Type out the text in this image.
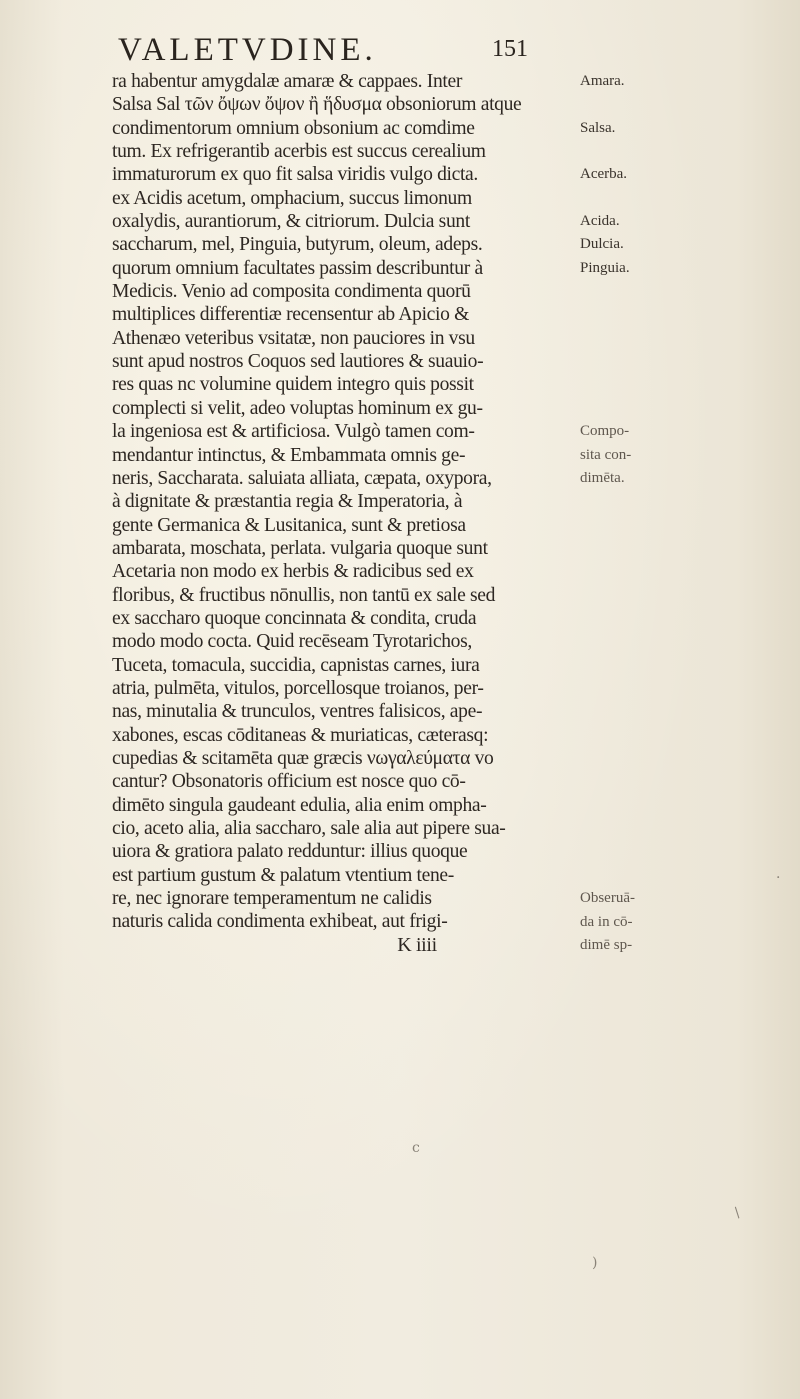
VALETVDINE.	151
ra habentur amygdalæ amaræ & cappaes. Inter
Salsa Sal τῶν ὄψων ὄψον ἢ ἥδυσμα obsoniorum atque
condimentorum omnium obsonium ac comdime
tum. Ex refrigerantib acerbis est succus cerealium
immaturorum ex quo fit salsa viridis vulgo dicta.
ex Acidis acetum, omphacium, succus limonum
oxalydis, aurantiorum, & citriorum. Dulcia sunt
saccharum, mel, Pinguia, butyrum, oleum, adeps.
quorum omnium facultates passim describuntur à
Medicis. Venio ad composita condimenta quorū
multiplices differentiæ recensentur ab Apicio &
Athenæo veteribus vsitatæ, non pauciores in vsu
sunt apud nostros Coquos sed lautiores & suauio-
res quas nc volumine quidem integro quis possit
complecti si velit, adeo voluptas hominum ex gu-
la ingeniosa est & artificiosa. Vulgò tamen com-
mendantur intinctus, & Embammata omnis ge-
neris, Saccharata. saluiata alliata, cæpata, oxypora,
à dignitate & præstantia regia & Imperatoria, à
gente Germanica & Lusitanica, sunt & pretiosa
ambarata, moschata, perlata. vulgaria quoque sunt
Acetaria non modo ex herbis & radicibus sed ex
floribus, & fructibus nōnullis, non tantū ex sale sed
ex saccharo quoque concinnata & condita, cruda
modo modo cocta. Quid recēseam Tyrotarichos,
Tuceta, tomacula, succidia, capnistas carnes, iura
atria, pulmēta, vitulos, porcellosque troianos, per-
nas, minutalia & trunculos, ventres falisicos, ape-
xabones, escas cōditaneas & muriaticas, cæterasq:
cupedias & scitamēta quæ græcis νωγαλεύματα vo
cantur? Obsonatoris officium est nosce quo cō-
dimēto singula gaudeant edulia, alia enim ompha-
cio, aceto alia, alia saccharo, sale alia aut pipere sua-
uiora & gratiora palato redduntur: illius quoque
est partium gustum & palatum vtentium tene-
re, nec ignorare temperamentum ne calidis
naturis calida condimenta exhibeat, aut frigi-
K iiii
Amara.
Salsa.
Acerba.
Acida.
Dulcia.
Pinguia.
Compo-
sita con-
dimēta.
Obseruā-
da in cō-
dimē sp-
·
/
)
c
